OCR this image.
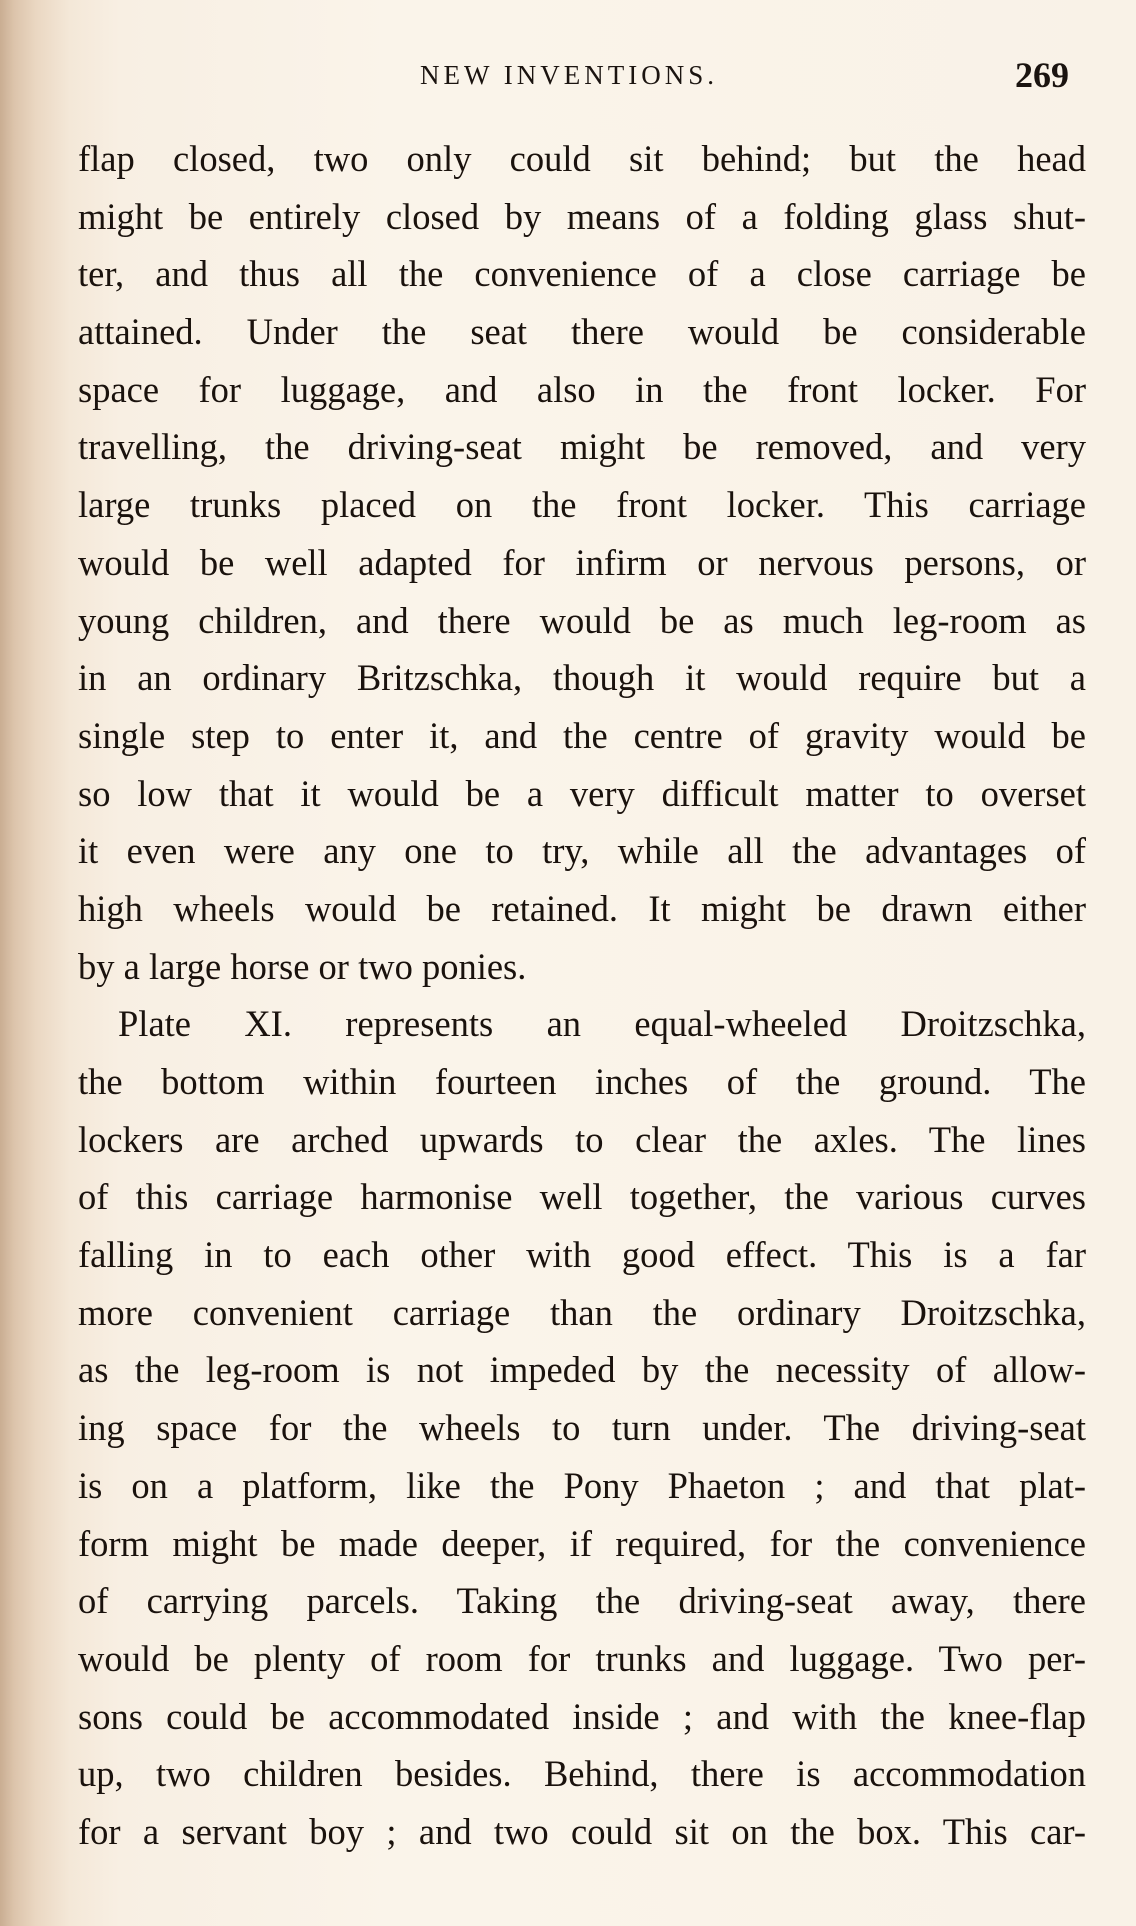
NEW INVENTIONS.	269
flap closed, two only could sit behind; but the head
might be entirely closed by means of a folding glass shut-
ter, and thus all the convenience of a close carriage be
attained. Under the seat there would be considerable
space for luggage, and also in the front locker. For
travelling, the driving-seat might be removed, and very
large trunks placed on the front locker. This carriage
would be well adapted for infirm or nervous persons, or
young children, and there would be as much leg-room as
in an ordinary Britzschka, though it would require but a
single step to enter it, and the centre of gravity would be
so low that it would be a very difficult matter to overset
it even were any one to try, while all the advantages of
high wheels would be retained. It might be drawn either
by a large horse or two ponies.
Plate XI. represents an equal-wheeled Droitzschka,
the bottom within fourteen inches of the ground. The
lockers are arched upwards to clear the axles. The lines
of this carriage harmonise well together, the various curves
falling in to each other with good effect. This is a far
more convenient carriage than the ordinary Droitzschka,
as the leg-room is not impeded by the necessity of allow-
ing space for the wheels to turn under. The driving-seat
is on a platform, like the Pony Phaeton ; and that plat-
form might be made deeper, if required, for the convenience
of carrying parcels. Taking the driving-seat away, there
would be plenty of room for trunks and luggage. Two per-
sons could be accommodated inside ; and with the knee-flap
up, two children besides. Behind, there is accommodation
for a servant boy ; and two could sit on the box. This car-
